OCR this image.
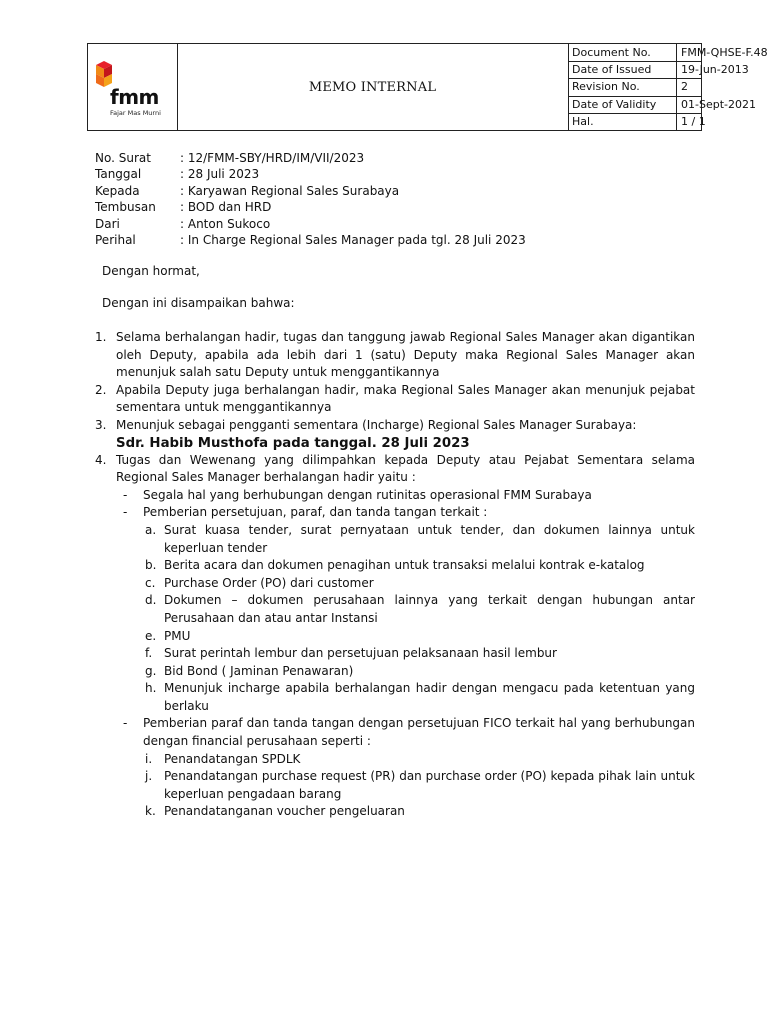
fmm
Fajar Mas Murni
MEMO INTERNAL
Document No.	FMM-QHSE-F.48
Date of Issued	19-Jun-2013
Revision No.	2
Date of Validity	01-Sept-2021
Hal.	1 / 1
No. Surat : 12/FMM-SBY/HRD/IM/VII/2023
Tanggal	: 28 Juli 2023
Kepada	: Karyawan Regional Sales Surabaya
Tembusan : BOD dan HRD
Dari	: Anton Sukoco
Perihal	: In Charge Regional Sales Manager pada tgl. 28 Juli 2023
Dengan hormat,
Dengan ini disampaikan bahwa:
1. Selama berhalangan hadir, tugas dan tanggung jawab Regional Sales Manager akan digantikan oleh Deputy, apabila ada lebih dari 1 (satu) Deputy maka Regional Sales Manager akan menunjuk salah satu Deputy untuk menggantikannya
2. Apabila Deputy juga berhalangan hadir, maka Regional Sales Manager akan menunjuk pejabat sementara untuk menggantikannya
3. Menunjuk sebagai pengganti sementara (Incharge) Regional Sales Manager Surabaya:
Sdr. Habib Musthofa pada tanggal. 28 Juli 2023
4. Tugas dan Wewenang yang dilimpahkan kepada Deputy atau Pejabat Sementara selama Regional Sales Manager berhalangan hadir yaitu :
- Segala hal yang berhubungan dengan rutinitas operasional FMM Surabaya
- Pemberian persetujuan, paraf, dan tanda tangan terkait :
a. Surat kuasa tender, surat pernyataan untuk tender, dan dokumen lainnya untuk keperluan tender
b. Berita acara dan dokumen penagihan untuk transaksi melalui kontrak e-katalog
c. Purchase Order (PO) dari customer
d. Dokumen – dokumen perusahaan lainnya yang terkait dengan hubungan antar Perusahaan dan atau antar Instansi
e. PMU
f. Surat perintah lembur dan persetujuan pelaksanaan hasil lembur
g. Bid Bond ( Jaminan Penawaran)
h. Menunjuk incharge apabila berhalangan hadir dengan mengacu pada ketentuan yang berlaku
- Pemberian paraf dan tanda tangan dengan persetujuan FICO terkait hal yang berhubungan dengan financial perusahaan seperti :
i. Penandatangan SPDLK
j. Penandatangan purchase request (PR) dan purchase order (PO) kepada pihak lain untuk keperluan pengadaan barang
k. Penandatanganan voucher pengeluaran
